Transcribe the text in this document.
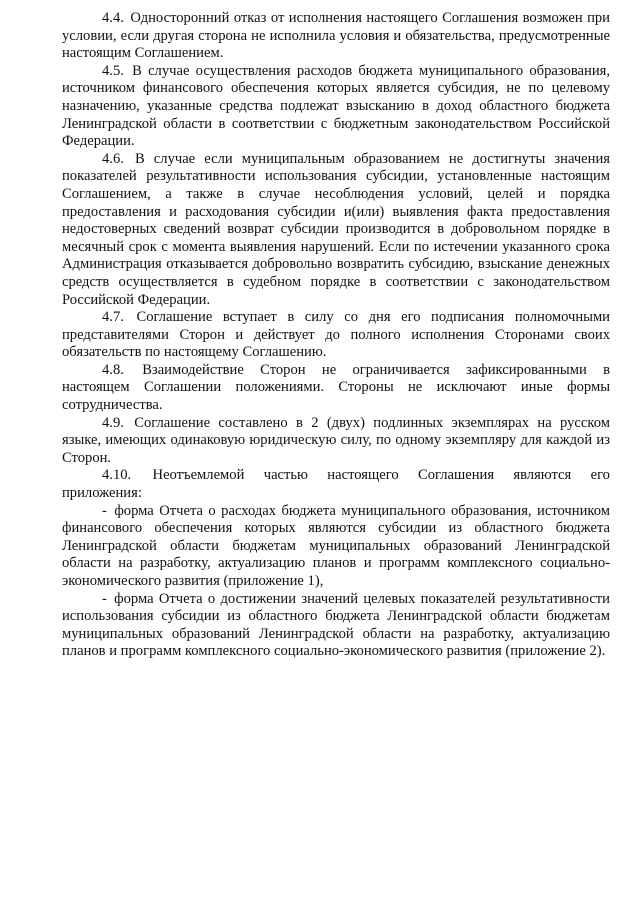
4.4. Односторонний отказ от исполнения настоящего Соглашения возможен при условии, если другая сторона не исполнила условия и обязательства, предусмотренные настоящим Соглашением.

4.5. В случае осуществления расходов бюджета муниципального образования, источником финансового обеспечения которых является субсидия, не по целевому назначению, указанные средства подлежат взысканию в доход областного бюджета Ленинградской области в соответствии с бюджетным законодательством Российской Федерации.

4.6. В случае если муниципальным образованием не достигнуты значения показателей результативности использования субсидии, установленные настоящим Соглашением, а также в случае несоблюдения условий, целей и порядка предоставления и расходования субсидии и(или) выявления факта предоставления недостоверных сведений возврат субсидии производится в добровольном порядке в месячный срок с момента выявления нарушений. Если по истечении указанного срока Администрация отказывается добровольно возвратить субсидию, взыскание денежных средств осуществляется в судебном порядке в соответствии с законодательством Российской Федерации.

4.7. Соглашение вступает в силу со дня его подписания полномочными представителями Сторон и действует до полного исполнения Сторонами своих обязательств по настоящему Соглашению.

4.8. Взаимодействие Сторон не ограничивается зафиксированными в настоящем Соглашении положениями. Стороны не исключают иные формы сотрудничества.

4.9. Соглашение составлено в 2 (двух) подлинных экземплярах на русском языке, имеющих одинаковую юридическую силу, по одному экземпляру для каждой из Сторон.

4.10. Неотъемлемой частью настоящего Соглашения являются его приложения:

- форма Отчета о расходах бюджета муниципального образования, источником финансового обеспечения которых являются субсидии из областного бюджета Ленинградской области бюджетам муниципальных образований Ленинградской области на разработку, актуализацию планов и программ комплексного социально-экономического развития (приложение 1),

- форма Отчета о достижении значений целевых показателей результативности использования субсидии из областного бюджета Ленинградской области бюджетам муниципальных образований Ленинградской области на разработку, актуализацию планов и программ комплексного социально-экономического развития (приложение 2).
